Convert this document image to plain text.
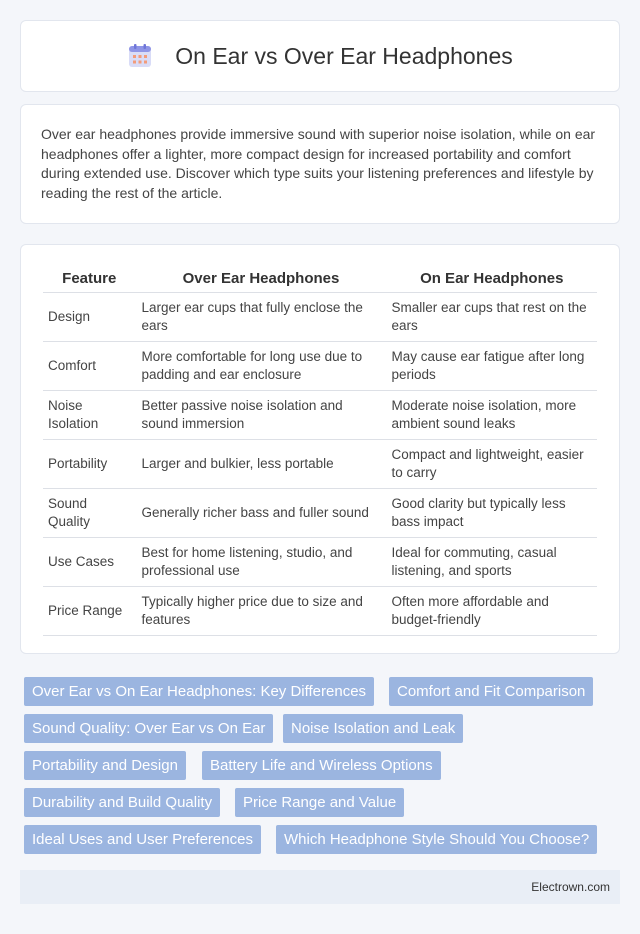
On Ear vs Over Ear Headphones

Over ear headphones provide immersive sound with superior noise isolation, while on ear headphones offer a lighter, more compact design for increased portability and comfort during extended use. Discover which type suits your listening preferences and lifestyle by reading the rest of the article.

Feature	Over Ear Headphones	On Ear Headphones
Design	Larger ear cups that fully enclose the ears	Smaller ear cups that rest on the ears
Comfort	More comfortable for long use due to padding and ear enclosure	May cause ear fatigue after long periods
Noise Isolation	Better passive noise isolation and sound immersion	Moderate noise isolation, more ambient sound leaks
Portability	Larger and bulkier, less portable	Compact and lightweight, easier to carry
Sound Quality	Generally richer bass and fuller sound	Good clarity but typically less bass impact
Use Cases	Best for home listening, studio, and professional use	Ideal for commuting, casual listening, and sports
Price Range	Typically higher price due to size and features	Often more affordable and budget-friendly
Over Ear vs On Ear Headphones: Key Differences	Comfort and Fit Comparison
Sound Quality: Over Ear vs On Ear	Noise Isolation and Leak
Portability and Design	Battery Life and Wireless Options
Durability and Build Quality	Price Range and Value
Ideal Uses and User Preferences	Which Headphone Style Should You Choose?
Electrown.com
